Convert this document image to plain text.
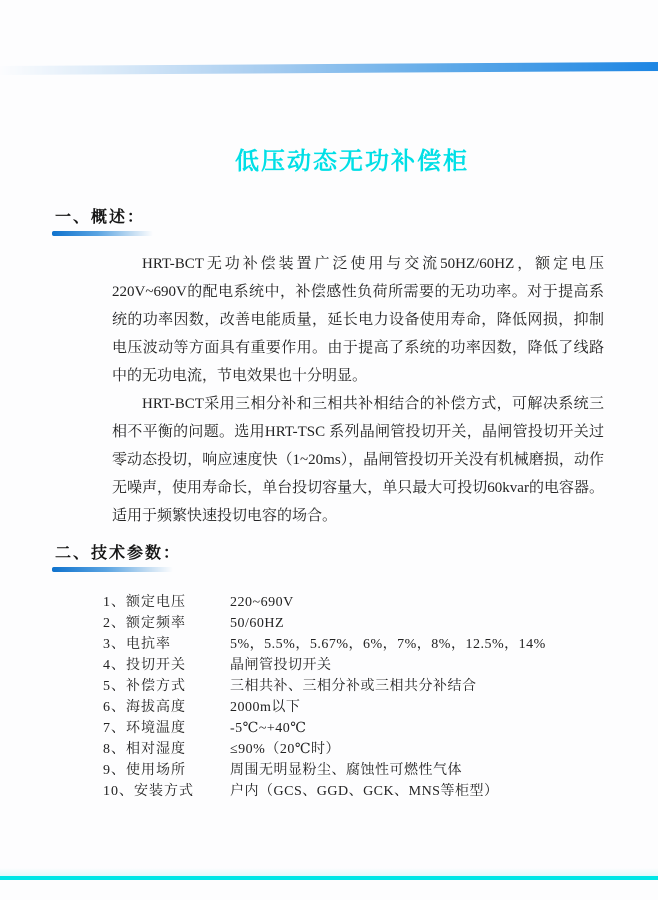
低压动态无功补偿柜
一、概述：

HRT-BCT无功补偿装置广泛使用与交流50HZ/60HZ，额定电压220V~690V的配电系统中，补偿感性负荷所需要的无功功率。对于提高系统的功率因数，改善电能质量，延长电力设备使用寿命，降低网损，抑制电压波动等方面具有重要作用。由于提高了系统的功率因数，降低了线路中的无功电流，节电效果也十分明显。

HRT-BCT采用三相分补和三相共补相结合的补偿方式，可解决系统三相不平衡的问题。选用HRT-TSC 系列晶闸管投切开关，晶闸管投切开关过零动态投切，响应速度快（1~20ms），晶闸管投切开关没有机械磨损，动作无噪声，使用寿命长，单台投切容量大，单只最大可投切60kvar的电容器。适用于频繁快速投切电容的场合。

二、技术参数：
1、额定电压	220~690V
2、额定频率	50/60HZ
3、电抗率	5%，5.5%，5.67%，6%，7%，8%，12.5%，14%
4、投切开关	晶闸管投切开关
5、补偿方式	三相共补、三相分补或三相共分补结合
6、海拔高度	2000m以下
7、环境温度	-5℃~+40℃
8、相对湿度	≤90%（20℃时）
9、使用场所	周围无明显粉尘、腐蚀性可燃性气体
10、安装方式	户内（GCS、GGD、GCK、MNS等柜型）
